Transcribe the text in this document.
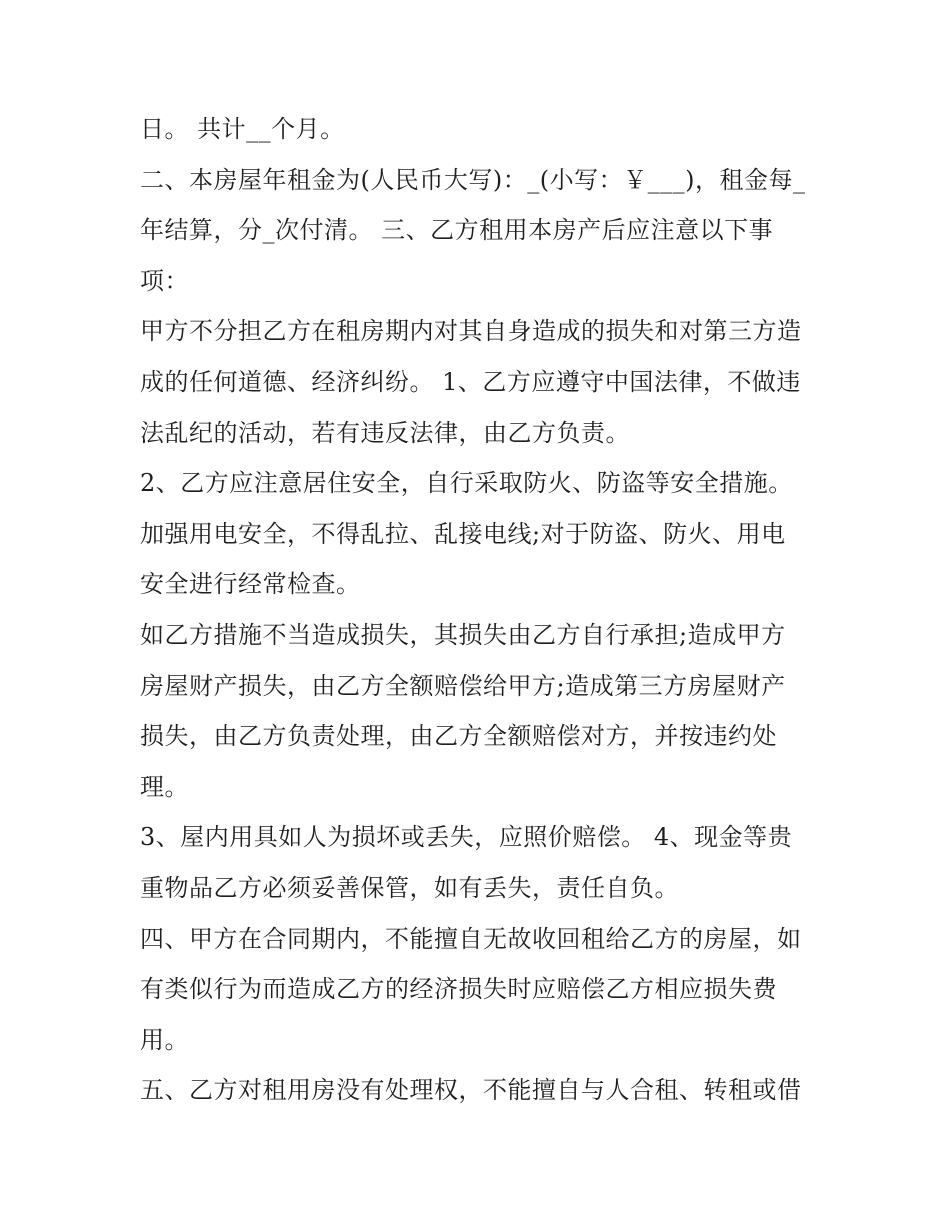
日。 共计__个月。
二、本房屋年租金为(人民币大写)：_(小写：￥___)，租金每_
年结算，分_次付清。 三、乙方租用本房产后应注意以下事
项：
甲方不分担乙方在租房期内对其自身造成的损失和对第三方造
成的任何道德、经济纠纷。 1、乙方应遵守中国法律，不做违
法乱纪的活动，若有违反法律，由乙方负责。
2、乙方应注意居住安全，自行采取防火、防盗等安全措施。
加强用电安全，不得乱拉、乱接电线;对于防盗、防火、用电
安全进行经常检查。
如乙方措施不当造成损失，其损失由乙方自行承担;造成甲方
房屋财产损失，由乙方全额赔偿给甲方;造成第三方房屋财产
损失，由乙方负责处理，由乙方全额赔偿对方，并按违约处
理。
3、屋内用具如人为损坏或丢失，应照价赔偿。 4、现金等贵
重物品乙方必须妥善保管，如有丢失，责任自负。
四、甲方在合同期内，不能擅自无故收回租给乙方的房屋，如
有类似行为而造成乙方的经济损失时应赔偿乙方相应损失费
用。
五、乙方对租用房没有处理权，不能擅自与人合租、转租或借
